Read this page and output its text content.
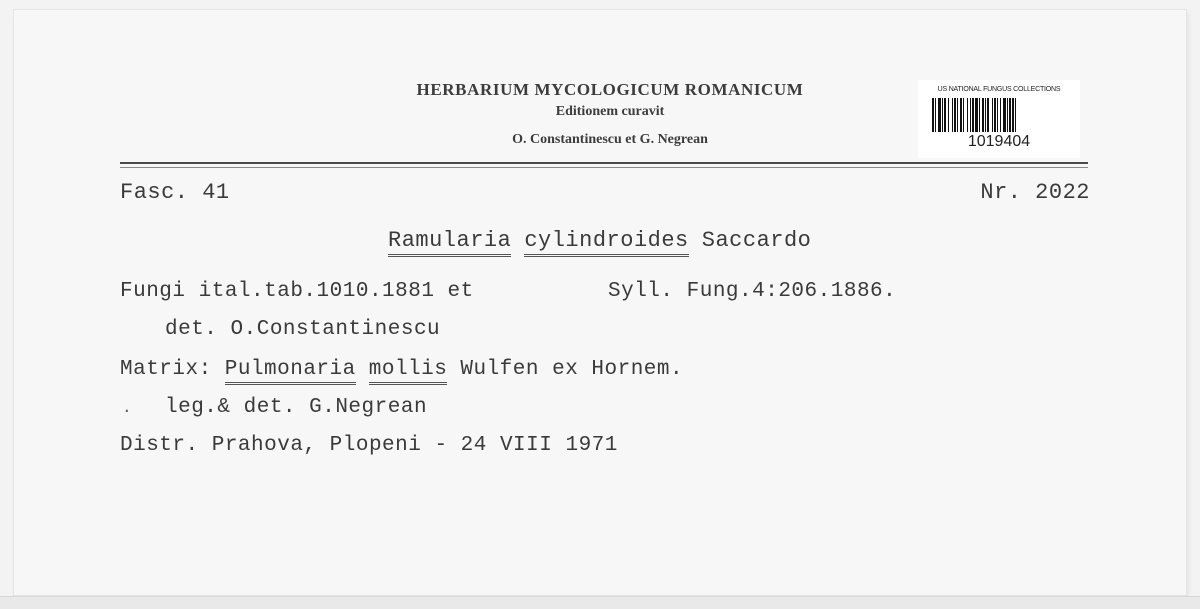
HERBARIUM MYCOLOGICUM ROMANICUM
Editionem curavit
O. Constantinescu et G. Negrean
US NATIONAL FUNGUS COLLECTIONS
1019404
Fasc. 41	Nr. 2022
Ramularia cylindroides Saccardo
Fungi ital.tab.1010.1881 et	Syll. Fung.4:206.1886.
det. O.Constantinescu
Matrix: Pulmonaria mollis Wulfen ex Hornem.
· leg.& det. G.Negrean
Distr. Prahova, Plopeni - 24 VIII 1971
